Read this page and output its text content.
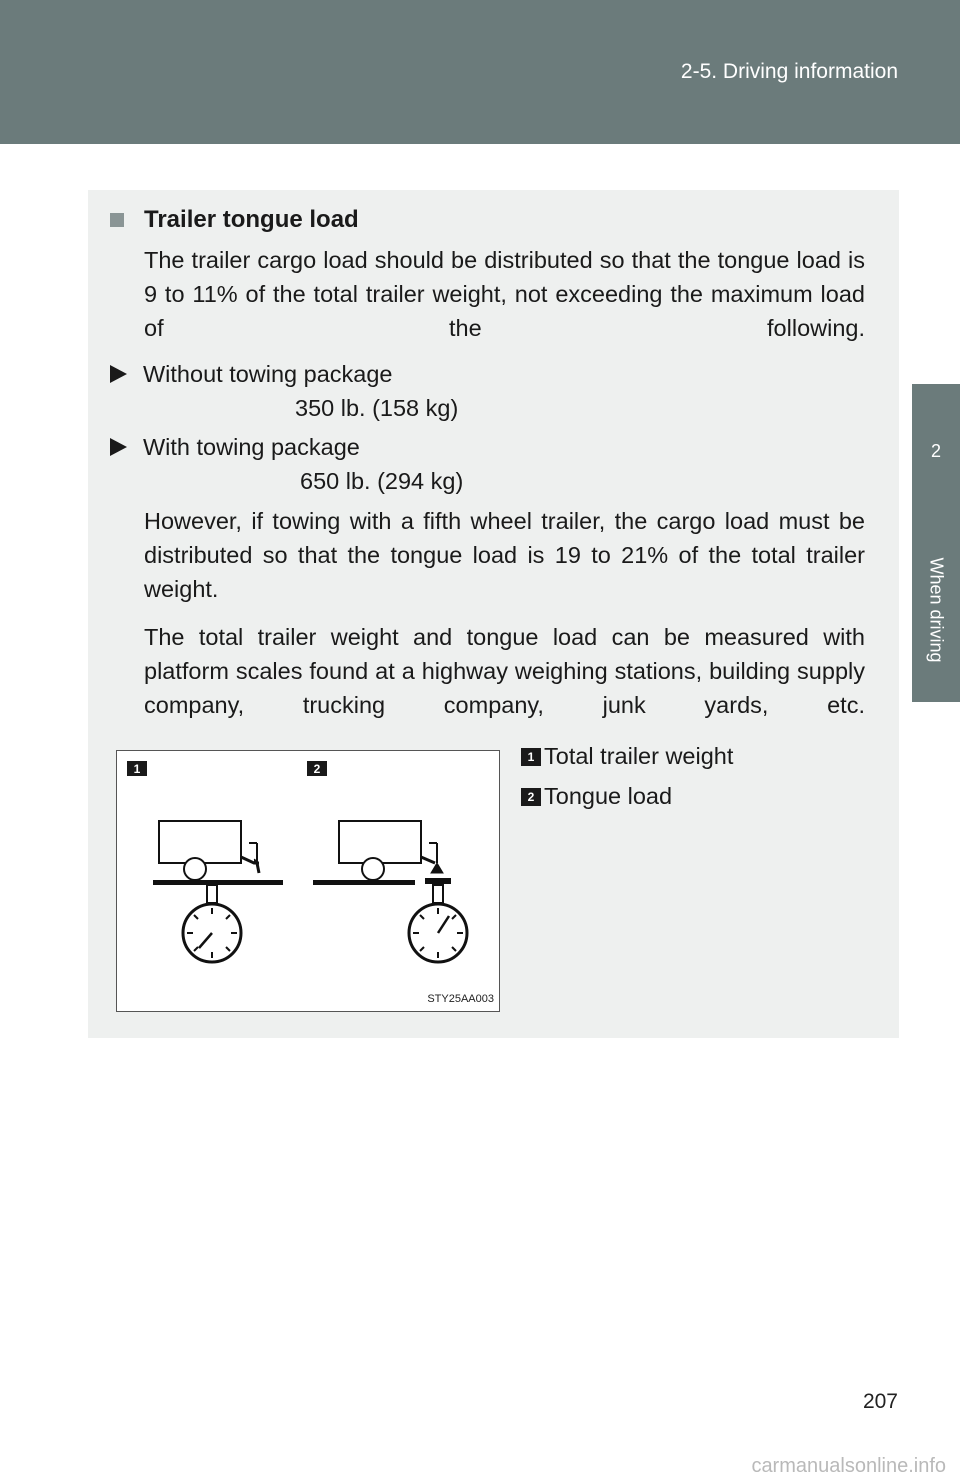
2-5. Driving information
2
When driving
Trailer tongue load
The trailer cargo load should be distributed so that the tongue load is 9 to 11% of the total trailer weight, not exceeding the maximum load of the following.
Without towing package
350 lb. (158 kg)
With towing package
650 lb. (294 kg)
However, if towing with a fifth wheel trailer, the cargo load must be distributed so that the tongue load is 19 to 21% of the total trailer weight.
The total trailer weight and tongue load can be measured with platform scales found at a highway weighing stations, building supply company, trucking company, junk yards, etc.
1	2
STY25AA003
1 Total trailer weight
2 Tongue load
207
carmanualsonline.info
